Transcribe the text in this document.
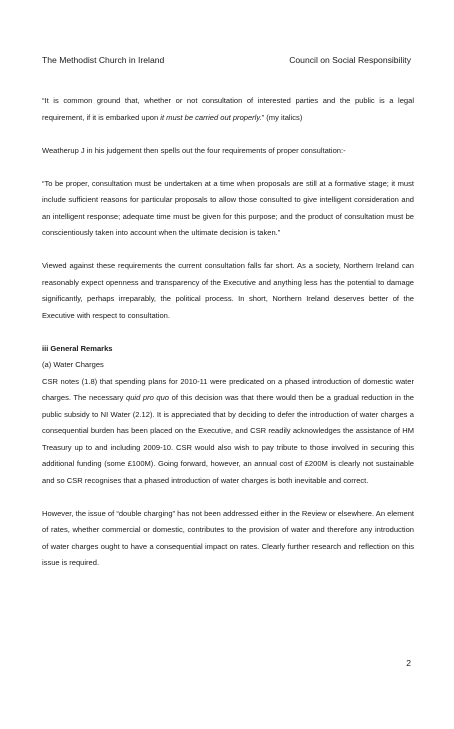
The Methodist Church in Ireland	Council on Social Responsibility

“It is common ground that, whether or not consultation of interested parties and the public is a legal requirement, if it is embarked upon it must be carried out properly.” (my italics)

Weatherup J in his judgement then spells out the four requirements of proper consultation:-

“To be proper, consultation must be undertaken at a time when proposals are still at a formative stage; it must include sufficient reasons for particular proposals to allow those consulted to give intelligent consideration and an intelligent response; adequate time must be given for this purpose; and the product of consultation must be conscientiously taken into account when the ultimate decision is taken.”

Viewed against these requirements the current consultation falls far short. As a society, Northern Ireland can reasonably expect openness and transparency of the Executive and anything less has the potential to damage significantly, perhaps irreparably, the political process. In short, Northern Ireland deserves better of the Executive with respect to consultation.

iii General Remarks

(a) Water Charges

CSR notes (1.8) that spending plans for 2010-11 were predicated on a phased introduction of domestic water charges. The necessary quid pro quo of this decision was that there would then be a gradual reduction in the public subsidy to NI Water (2.12). It is appreciated that by deciding to defer the introduction of water charges a consequential burden has been placed on the Executive, and CSR readily acknowledges the assistance of HM Treasury up to and including 2009-10. CSR would also wish to pay tribute to those involved in securing this additional funding (some £100M). Going forward, however, an annual cost of £200M is clearly not sustainable and so CSR recognises that a phased introduction of water charges is both inevitable and correct.

However, the issue of “double charging” has not been addressed either in the Review or elsewhere. An element of rates, whether commercial or domestic, contributes to the provision of water and therefore any introduction of water charges ought to have a consequential impact on rates. Clearly further research and reflection on this issue is required.

2
